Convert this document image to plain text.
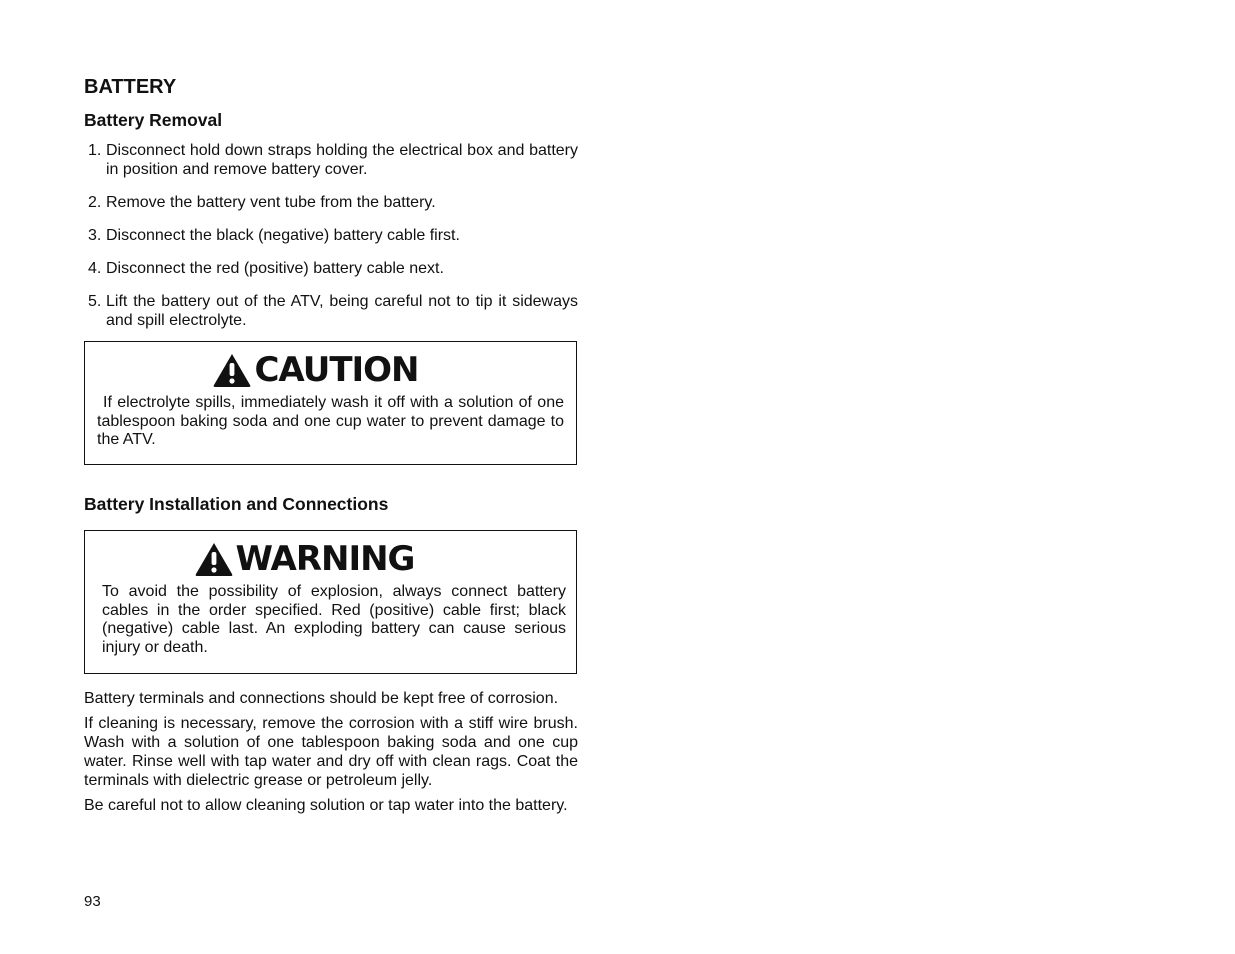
BATTERY
Battery Removal
1. Disconnect hold down straps holding the electrical box and battery in position and remove battery cover.
2. Remove the battery vent tube from the battery.
3. Disconnect the black (negative) battery cable first.
4. Disconnect the red (positive) battery cable next.
5. Lift the battery out of the ATV, being careful not to tip it sideways and spill electrolyte.
CAUTION

If electrolyte spills, immediately wash it off with a solution of one tablespoon baking soda and one cup water to prevent damage to the ATV.

Battery Installation and Connections
WARNING

To avoid the possibility of explosion, always connect battery cables in the order specified. Red (positive) cable first; black (negative) cable last. An exploding battery can cause serious injury or death.

Battery terminals and connections should be kept free of corrosion.

If cleaning is necessary, remove the corrosion with a stiff wire brush. Wash with a solution of one tablespoon baking soda and one cup water. Rinse well with tap water and dry off with clean rags. Coat the terminals with dielectric grease or petroleum jelly.

Be careful not to allow cleaning solution or tap water into the battery.

93
